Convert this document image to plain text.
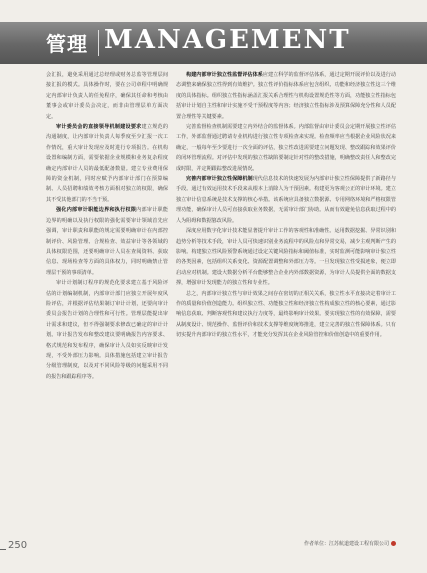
管理 MANAGEMENT

会汇报，避免采用通过总经理或财务总监等管理层间接汇报的模式。具体操作时，要在公司章程中明确规定内部审计负责人的任免程序，确保其任命和考核由董事会或审计委员会决定，而非由管理层单方面决定。

审计委员会的直接领导机制建设要求建立规范的沟通制度，让内部审计负责人每季度至少汇报一次工作情况，重大审计发现应及时进行专项报告。在机构设置和编制方面，需要依据企业规模和业务复杂程度确定内部审计人员的最低配备数量。建立专业费用保障的资金机制，同时应赋予内部审计部门在预算编制、人员招聘和绩效考核方面相对独立的权限，确保其不受其他部门的不当干预。

强化内部审计职能边界和执行权限内部审计职能边界的明确以及执行权限的强化需要审计领域首先应强调，审计职责和职能的规定需要明确审计在内部控制评价、风险管理、合规检查、效益审计等各领域的具体权限范围，还要明确审计人员在查阅资料、获取信息、现场检查等方面的具体权力，同时明确禁止管理层干预的事项清单。

审计计划制订程序的规范化要求建立基于风险评估的计划编制机制，内部审计部门应独立开展年度风险评估，并根据评估结果制订审计计划，还要向审计委员会报告计划的合理性和可行性。管理层能提出审计需求和建议，但不得强制要求修改已确定的审计计划。审计报告发布和整改建议要明确报告内容要求、格式规范和发布程序，确保审计人员如实反映审计发现，不受外部压力影响。具体措施包括建立审计报告分级管理制度，以及对不同风险等级的问题采用不同的报告和跟踪程序等。

构建内部审计独立性监督评估体系应建立科学的监督评估体系，通过定期开展评价以及进行动态调整来确保独立性得到有效维护。独立性评价指标体系应包含组织、功能和经济独立性这三个维度的具体指标。组织独立性指标涵盖汇报关系合理性与机构设置规范性等方面，功能独立性指标包括审计计划自主性和审计实施不受干预程度等内容；经济独立性指标涉及预算保障充分性和人员配置合理性等关键要素。

完善监督检查机制需要建立内外结合的监督体系。内部监督由审计委员会定期开展独立性评估工作，外部监督通过聘请专业机构进行独立性专项检查来实现。检查频率应当根据企业风险状况来确定，一般每年至少要进行一次全面的评估，独立性改进需要建立问题发现、整改跟踪和效果评价的闭环管理流程。对评估中发现的独立性缺陷要制定针对性的整改措施，明确整改责任人和整改完成时限，并定期跟踪整改进展情况。

完善内部审计独立性保障机制现代信息技术的快速发展为内部审计独立性保障提供了新路径与手段。通过有效运用技术手段来从根本上消除人为干预因素。构建更为客观公正的审计环境。建立独立审计信息系统是技术支撑的核心举措。该系统应具备独立数据源、专用网络环境和严格权限管理功能，确保审计人员可直接获取业务数据，无需审计部门协助。从而有效避免信息获取过程中的人为阻碍和数据篡改风险。

深度应用数字化审计技术能显著提升审计工作的客观性和准确性。运用数据挖掘、异常识别和趋势分析等技术手段，审计人员可快速识别业务流程中的风险点和异常交易，减少主观判断产生的影响。构建独立性风险预警系统通过设定关键风险指标和阈值标准，实时监测可能影响审计独立性的各类因素，包括组织关系变化、资源配置调整和外部压力等。一旦发现独立性受损迹象，便立即启动应对机制。建设大数据分析平台能够整合企业内外部数据资源，为审计人员提供全面的数据支撑，增强审计发现能力的独立性和专业性。

总之，内部审计独立性与审计效果之间存在密切的正相关关系，独立性水平直接决定着审计工作的质量和价值创造能力。组织独立性、功能独立性和经济独立性构成独立性的核心要素，通过影响信息获取、判断客观性和建议执行力度等，最终影响审计效果。要实现独立性的有效保障，需要从制度设计、规范操作、监督评价和技术支撑等维度统筹推进，建立完善的独立性保障体系。只有切实提升内部审计的独立性水平，才能充分发挥其在企业风险管控和价值创造中的重要作用。

作者单位：江苏航道建设工程有限公司
250
